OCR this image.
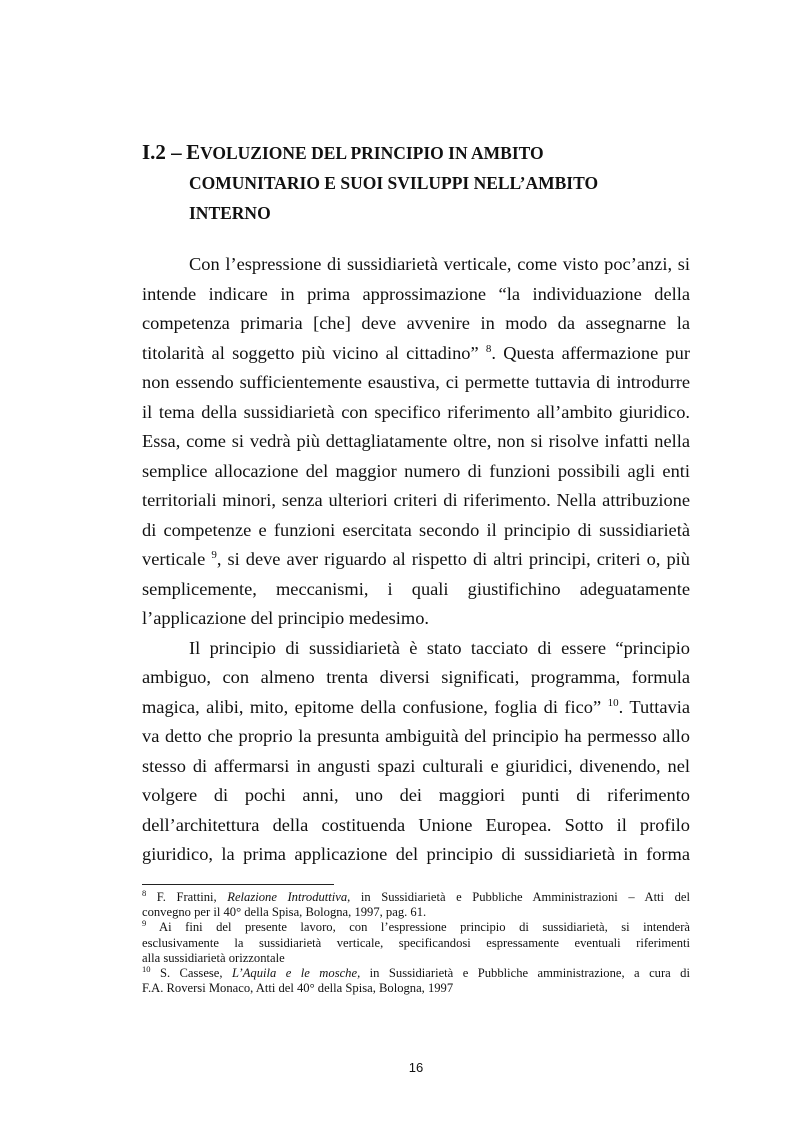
I.2 – EVOLUZIONE DEL PRINCIPIO IN AMBITO
COMUNITARIO E SUOI SVILUPPI NELL’AMBITO
INTERNO
Con l’espressione di sussidiarietà verticale, come visto poc’anzi, si
intende indicare in prima approssimazione “la individuazione della
competenza primaria [che] deve avvenire in modo da assegnarne la
titolarità al soggetto più vicino al cittadino” $^8$. Questa affermazione pur
non essendo sufficientemente esaustiva, ci permette tuttavia di introdurre
il tema della sussidiarietà con specifico riferimento all’ambito giuridico.
Essa, come si vedrà più dettagliatamente oltre, non si risolve infatti nella
semplice allocazione del maggior numero di funzioni possibili agli enti
territoriali minori, senza ulteriori criteri di riferimento. Nella attribuzione
di competenze e funzioni esercitata secondo il principio di sussidiarietà
verticale $^9$, si deve aver riguardo al rispetto di altri principi, criteri o, più
semplicemente, meccanismi, i quali giustifichino adeguatamente
l’applicazione del principio medesimo.
Il principio di sussidiarietà è stato tacciato di essere “principio
ambiguo, con almeno trenta diversi significati, programma, formula
magica, alibi, mito, epitome della confusione, foglia di fico” $^{10}$. Tuttavia
va detto che proprio la presunta ambiguità del principio ha permesso allo
stesso di affermarsi in angusti spazi culturali e giuridici, divenendo, nel
volgere di pochi anni, uno dei maggiori punti di riferimento
dell’architettura della costituenda Unione Europea. Sotto il profilo
giuridico, la prima applicazione del principio di sussidiarietà in forma
$^8$ F. Frattini, Relazione Introduttiva, in Sussidiarietà e Pubbliche Amministrazioni – Atti del
convegno per il 40° della Spisa, Bologna, 1997, pag. 61.
$^9$ Ai fini del presente lavoro, con l’espressione principio di sussidiarietà, si intenderà
esclusivamente la sussidiarietà verticale, specificandosi espressamente eventuali riferimenti
alla sussidiarietà orizzontale
$^{10}$ S. Cassese, L’Aquila e le mosche, in Sussidiarietà e Pubbliche amministrazione, a cura di
F.A. Roversi Monaco, Atti del 40° della Spisa, Bologna, 1997
16
